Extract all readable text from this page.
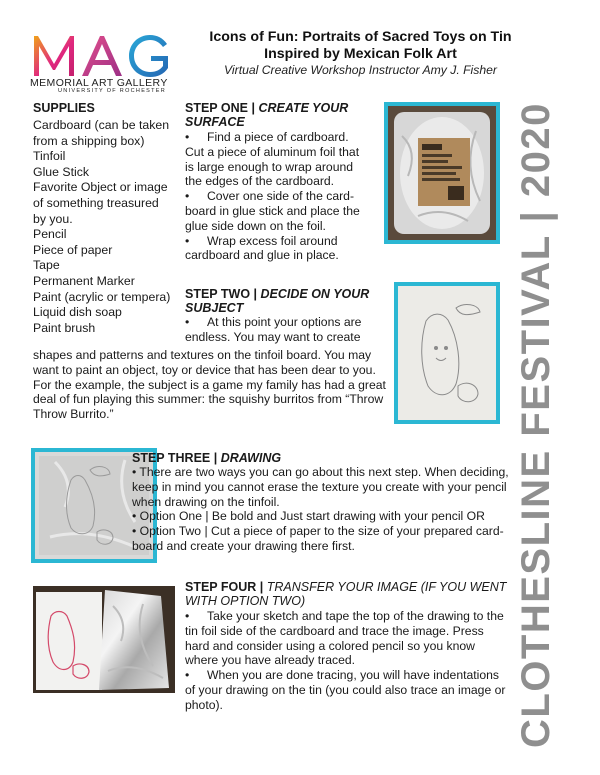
MEMORIAL ART GALLERY
UNIVERSITY OF ROCHESTER
Icons of Fun: Portraits of Sacred Toys on Tin
Inspired by Mexican Folk Art
Virtual Creative Workshop Instructor Amy J. Fisher
CLOTHESLINE FESTIVAL | 2020
SUPPLIES
Cardboard (can be taken from a shipping box)
Tinfoil
Glue Stick
Favorite Object or image of something treasured by you.
Pencil
Piece of paper
Tape
Permanent Marker
Paint (acrylic or tempera)
Liquid dish soap
Paint brush
STEP ONE | CREATE YOUR SURFACE
• Find a piece of cardboard. Cut a piece of aluminum foil that is large enough to wrap around the edges of the cardboard.
• Cover one side of the card-board in glue stick and place the glue side down on the foil.
• Wrap excess foil around cardboard and glue in place.
STEP TWO | DECIDE ON YOUR SUBJECT
• At this point your options are endless. You may want to create
shapes and patterns and textures on the tinfoil board. You may want to paint an object, toy or device that has been dear to you. For the example, the subject is a game my family has had a great deal of fun playing this summer: the squishy burritos from “Throw Throw Burrito.”
STEP THREE | DRAWING

• There are two ways you can go about this next step. When deciding, keep in mind you cannot erase the texture you create with your pencil when drawing on the tinfoil.

• Option One | Be bold and Just start drawing with your pencil OR

• Option Two | Cut a piece of paper to the size of your prepared card-board and create your drawing there first.

STEP FOUR | TRANSFER YOUR IMAGE (IF YOU WENT WITH OPTION TWO)
• Take your sketch and tape the top of the drawing to the tin foil side of the cardboard and trace the image. Press hard and consider using a colored pencil so you know where you have already traced.
• When you are done tracing, you will have indentations of your drawing on the tin (you could also trace an image or photo).
